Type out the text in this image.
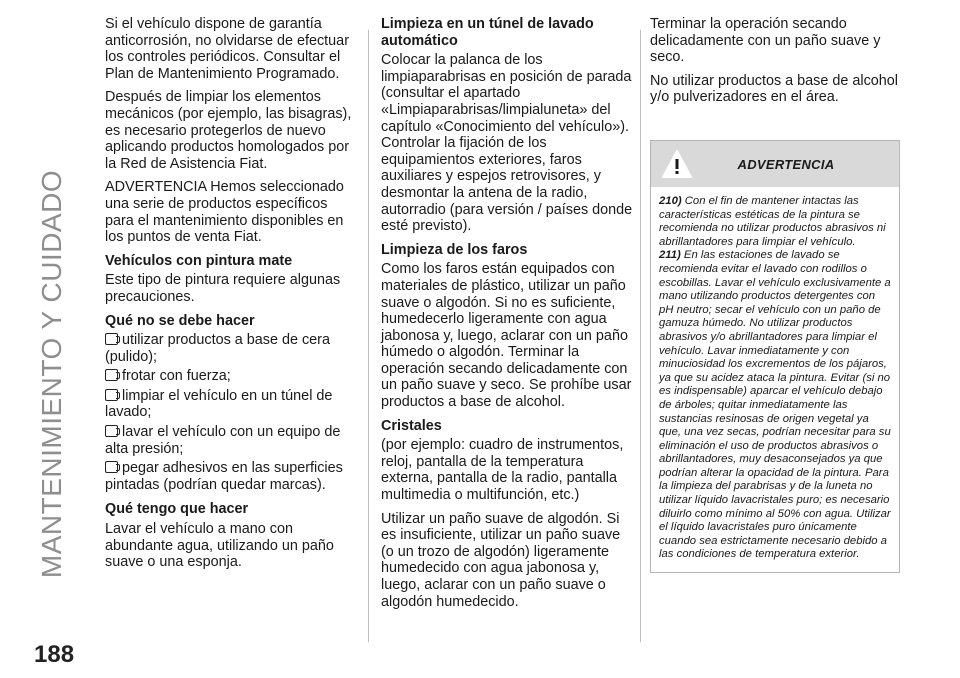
MANTENIMIENTO Y CUIDADO
188

Si el vehículo dispone de garantía anticorrosión, no olvidarse de efectuar los controles periódicos. Consultar el Plan de Mantenimiento Programado.

Después de limpiar los elementos mecánicos (por ejemplo, las bisagras), es necesario protegerlos de nuevo aplicando productos homologados por la Red de Asistencia Fiat.

ADVERTENCIA Hemos seleccionado una serie de productos específicos para el mantenimiento disponibles en los puntos de venta Fiat.

Vehículos con pintura mate

Este tipo de pintura requiere algunas precauciones.

Qué no se debe hacer
utilizar productos a base de cera (pulido);
frotar con fuerza;
limpiar el vehículo en un túnel de lavado;
lavar el vehículo con un equipo de alta presión;
pegar adhesivos en las superficies pintadas (podrían quedar marcas).
Qué tengo que hacer

Lavar el vehículo a mano con abundante agua, utilizando un paño suave o una esponja.

Limpieza en un túnel de lavado automático

Colocar la palanca de los limpiaparabrisas en posición de parada (consultar el apartado «Limpiaparabrisas/limpialuneta» del capítulo «Conocimiento del vehículo»). Controlar la fijación de los equipamientos exteriores, faros auxiliares y espejos retrovisores, y desmontar la antena de la radio, autorradio (para versión / países donde esté previsto).

Limpieza de los faros

Como los faros están equipados con materiales de plástico, utilizar un paño suave o algodón. Si no es suficiente, humedecerlo ligeramente con agua jabonosa y, luego, aclarar con un paño húmedo o algodón. Terminar la operación secando delicadamente con un paño suave y seco. Se prohíbe usar productos a base de alcohol.

Cristales

(por ejemplo: cuadro de instrumentos, reloj, pantalla de la temperatura externa, pantalla de la radio, pantalla multimedia o multifunción, etc.)

Utilizar un paño suave de algodón. Si es insuficiente, utilizar un paño suave (o un trozo de algodón) ligeramente humedecido con agua jabonosa y, luego, aclarar con un paño suave o algodón humedecido.

Terminar la operación secando delicadamente con un paño suave y seco.

No utilizar productos a base de alcohol y/o pulverizadores en el área.

ADVERTENCIA

210) Con el fin de mantener intactas las características estéticas de la pintura se recomienda no utilizar productos abrasivos ni abrillantadores para limpiar el vehículo.

211) En las estaciones de lavado se recomienda evitar el lavado con rodillos o escobillas. Lavar el vehículo exclusivamente a mano utilizando productos detergentes con pH neutro; secar el vehículo con un paño de gamuza húmedo. No utilizar productos abrasivos y/o abrillantadores para limpiar el vehículo. Lavar inmediatamente y con minuciosidad los excrementos de los pájaros, ya que su acidez ataca la pintura. Evitar (si no es indispensable) aparcar el vehículo debajo de árboles; quitar inmediatamente las sustancias resinosas de origen vegetal ya que, una vez secas, podrían necesitar para su eliminación el uso de productos abrasivos o abrillantadores, muy desaconsejados ya que podrían alterar la opacidad de la pintura. Para la limpieza del parabrisas y de la luneta no utilizar líquido lavacristales puro; es necesario diluirlo como mínimo al 50% con agua. Utilizar el líquido lavacristales puro únicamente cuando sea estrictamente necesario debido a las condiciones de temperatura exterior.
